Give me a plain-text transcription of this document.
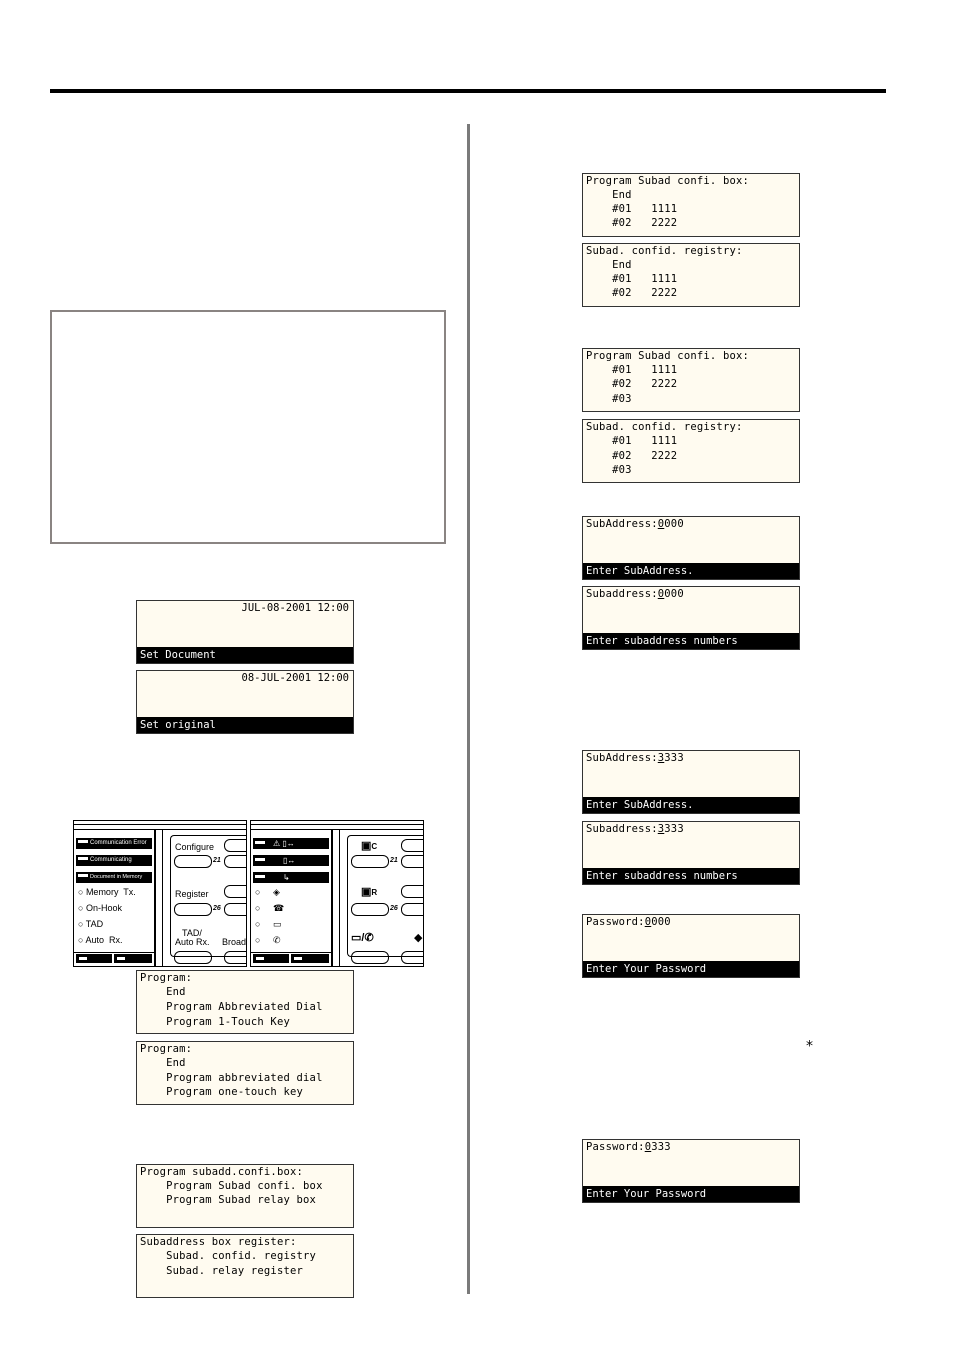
JUL-08-2001 12:00
Set Document
08-JUL-2001 12:00
Set original
Communication Error
Communicating
Document in Memory
○ Memory  Tx.
○ On-Hook
○ TAD
○ Auto  Rx.
Configure
21
Register
26
TAD/
Auto Rx. Broad
⚠ ▯↔
▯↔
↳
○ ◈
○ ☎
○ ▭
○ ✆
▣C
21
▣R
26
▭/✆	◆
Program:
End
Program Abbreviated Dial
Program 1-Touch Key
Program:
End
Program abbreviated dial
Program one-touch key
Program subadd.confi.box:
Program Subad confi. box
Program Subad relay box
Subaddress box register:
Subad. confid. registry
Subad. relay register
Program Subad confi. box:
End
#01   1111
#02   2222
Subad. confid. registry:
End
#01   1111
#02   2222
Program Subad confi. box:
#01   1111
#02   2222
#03
Subad. confid. registry:
#01   1111
#02   2222
#03
SubAddress:0000
Enter SubAddress.
Subaddress:0000
Enter subaddress numbers
SubAddress:3333
Enter SubAddress.
Subaddress:3333
Enter subaddress numbers
Password:0000
Enter Your Password
⁎
Password:0333
Enter Your Password
